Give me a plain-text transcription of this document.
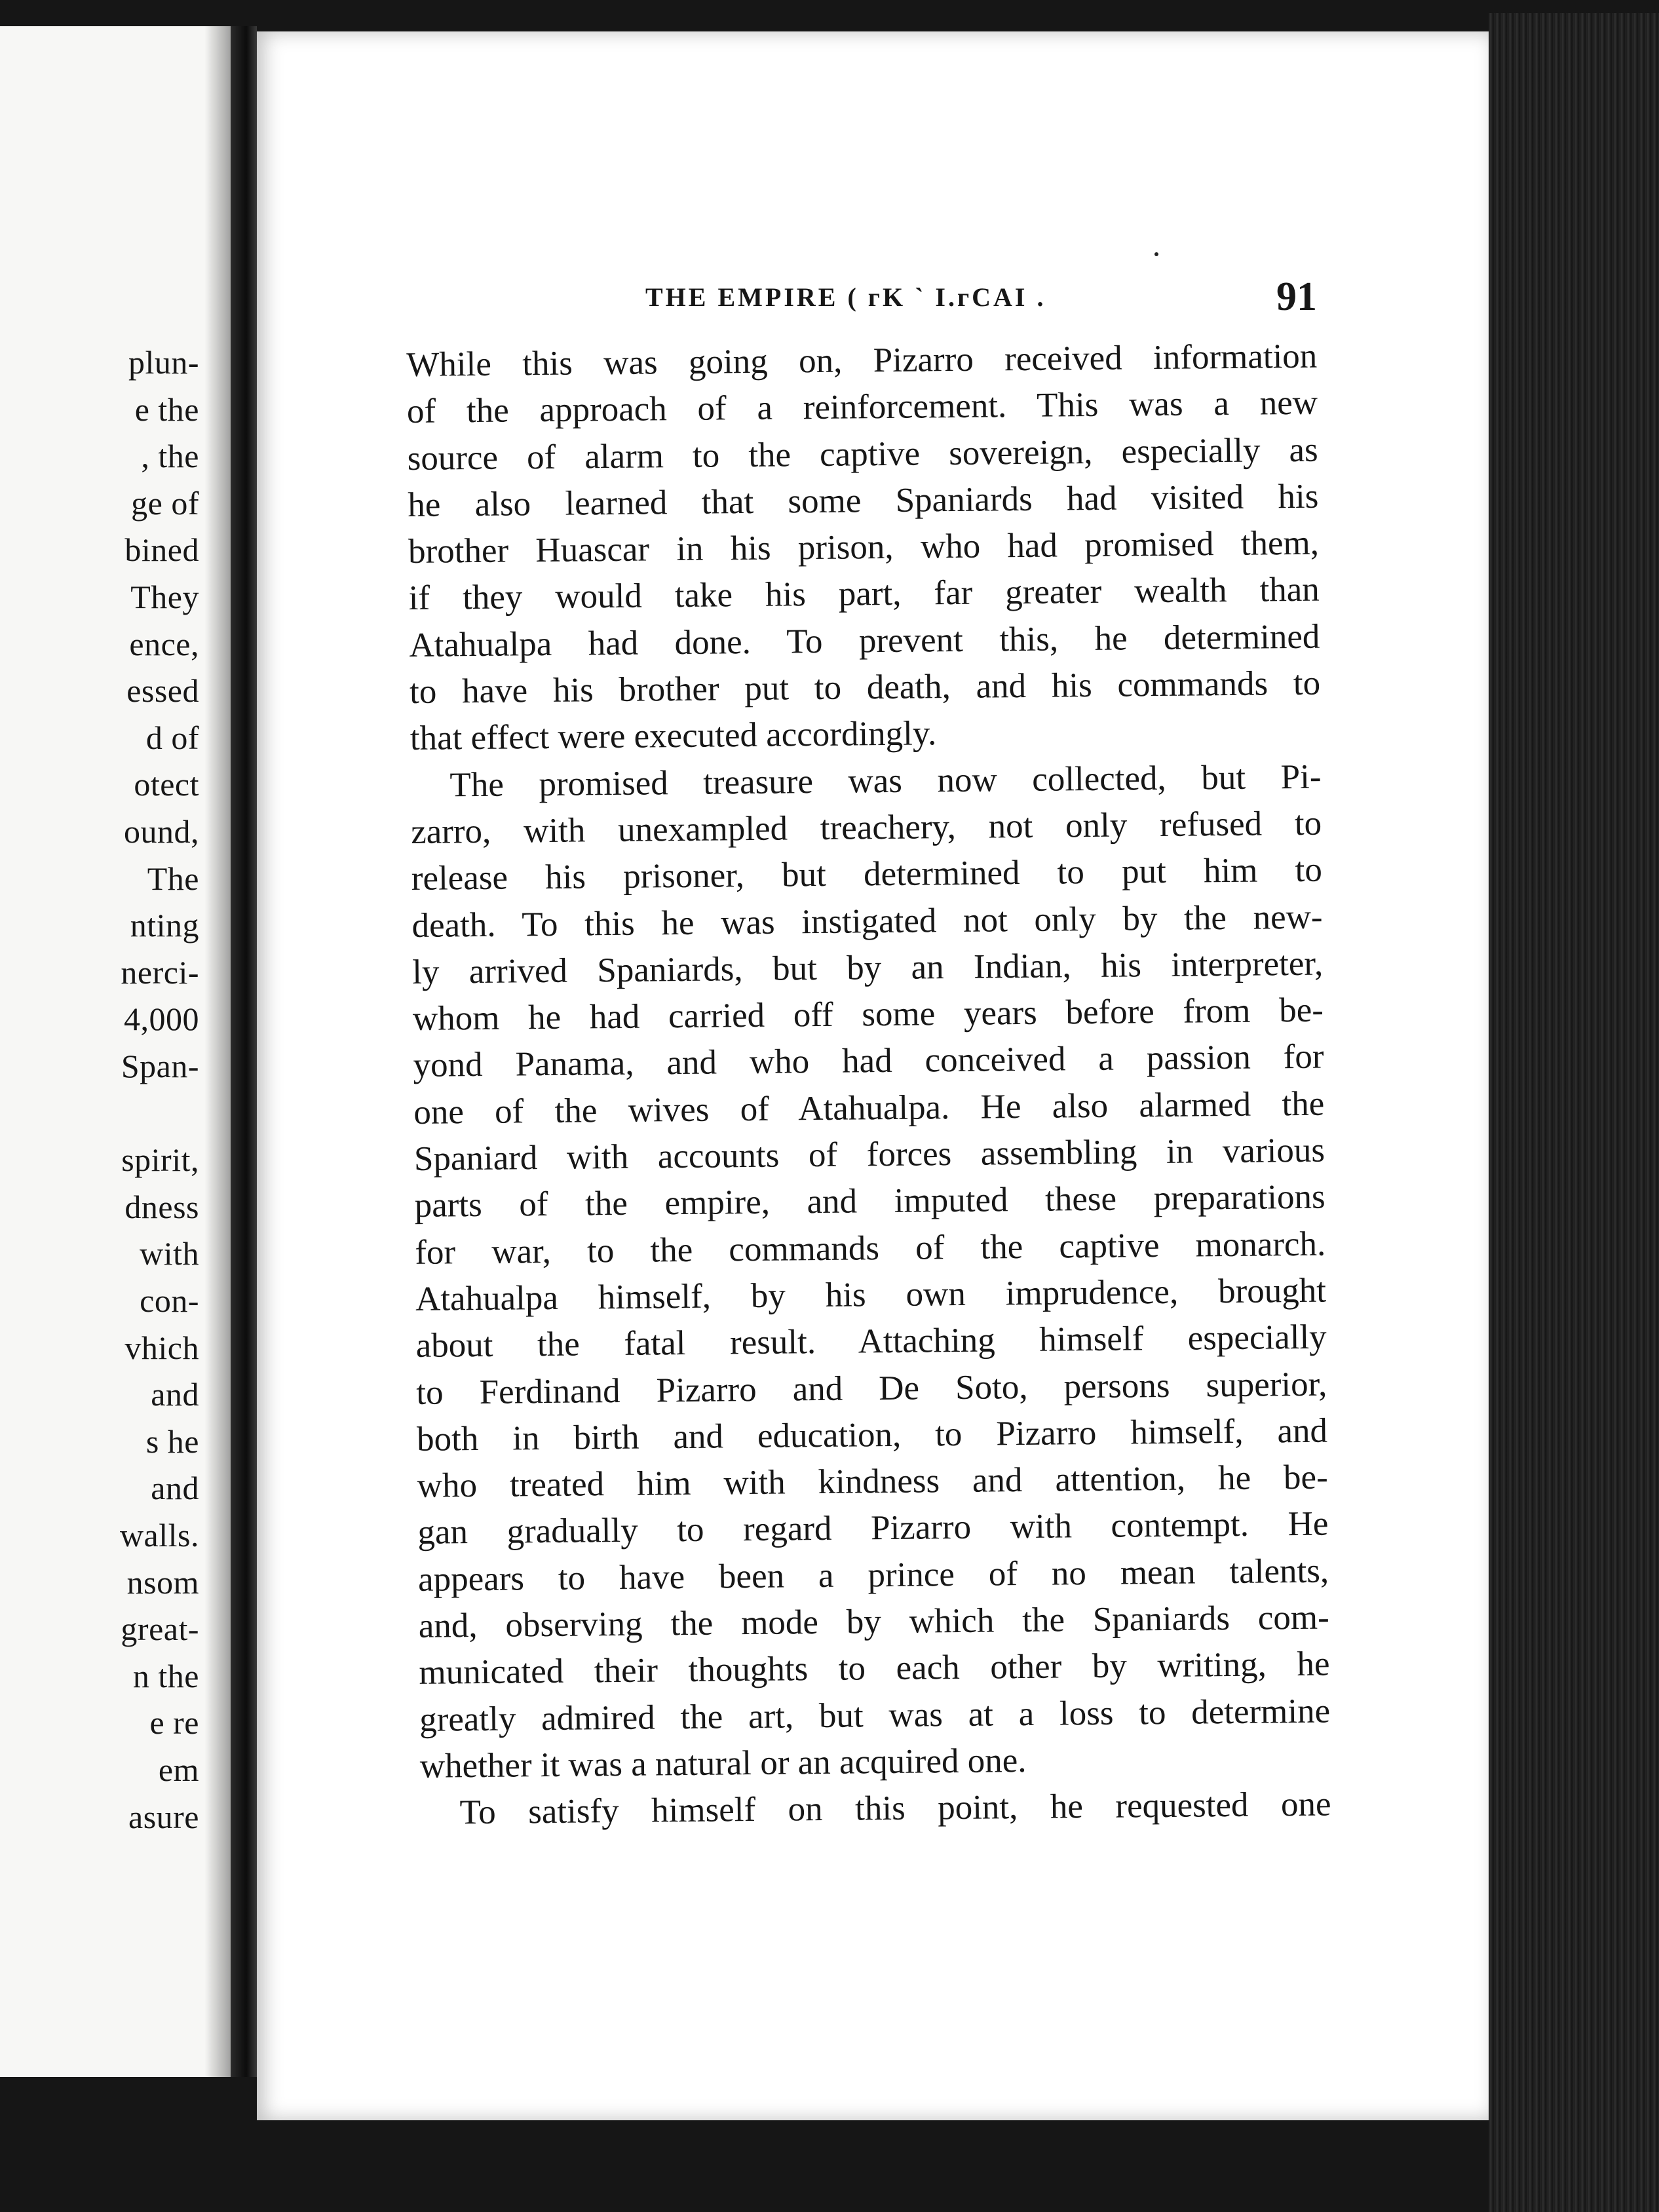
plun-
e the
, the
ge of
bined
They
ence,
essed
d of
otect
ound,
The
nting
nerci-
4,000
Span-
spirit,
dness
with
con-
vhich
and
s he
and
walls.
nsom
great-
n the
e re
em
asure
THE EMPIRE ( ᴦK ` I.ᴦCAI .	91
While this was going on, Pizarro received information
of the approach of a reinforcement. This was a new
source of alarm to the captive sovereign, especially as
he also learned that some Spaniards had visited his
brother Huascar in his prison, who had promised them,
if they would take his part, far greater wealth than
Atahualpa had done. To prevent this, he determined
to have his brother put to death, and his commands to
that effect were executed accordingly.
The promised treasure was now collected, but Pi-
zarro, with unexampled treachery, not only refused to
release his prisoner, but determined to put him to
death. To this he was instigated not only by the new-
ly arrived Spaniards, but by an Indian, his interpreter,
whom he had carried off some years before from be-
yond Panama, and who had conceived a passion for
one of the wives of Atahualpa. He also alarmed the
Spaniard with accounts of forces assembling in various
parts of the empire, and imputed these preparations
for war, to the commands of the captive monarch.
Atahualpa himself, by his own imprudence, brought
about the fatal result. Attaching himself especially
to Ferdinand Pizarro and De Soto, persons superior,
both in birth and education, to Pizarro himself, and
who treated him with kindness and attention, he be-
gan gradually to regard Pizarro with contempt. He
appears to have been a prince of no mean talents,
and, observing the mode by which the Spaniards com-
municated their thoughts to each other by writing, he
greatly admired the art, but was at a loss to determine
whether it was a natural or an acquired one.
To satisfy himself on this point, he requested one
